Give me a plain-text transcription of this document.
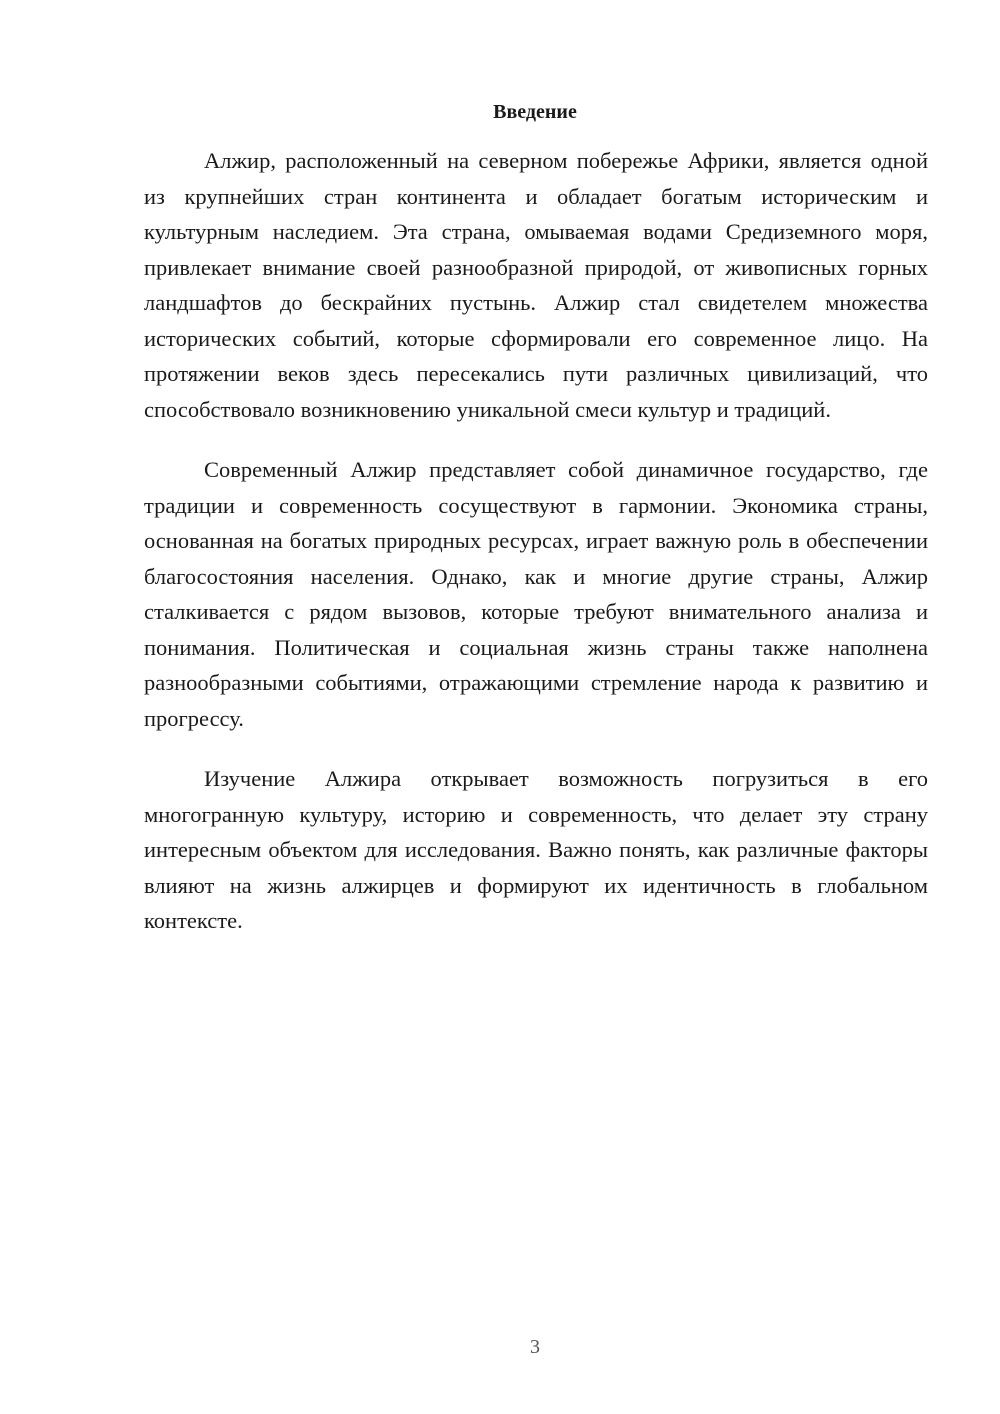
Введение

Алжир, расположенный на северном побережье Африки, является одной из крупнейших стран континента и обладает богатым историческим и культурным наследием. Эта страна, омываемая водами Средиземного моря, привлекает внимание своей разнообразной природой, от живописных горных ландшафтов до бескрайних пустынь. Алжир стал свидетелем множества исторических событий, которые сформировали его современное лицо. На протяжении веков здесь пересекались пути различных цивилизаций, что способствовало возникновению уникальной смеси культур и традиций.

Современный Алжир представляет собой динамичное государство, где традиции и современность сосуществуют в гармонии. Экономика страны, основанная на богатых природных ресурсах, играет важную роль в обеспечении благосостояния населения. Однако, как и многие другие страны, Алжир сталкивается с рядом вызовов, которые требуют внимательного анализа и понимания. Политическая и социальная жизнь страны также наполнена разнообразными событиями, отражающими стремление народа к развитию и прогрессу.

Изучение Алжира открывает возможность погрузиться в его многогранную культуру, историю и современность, что делает эту страну интересным объектом для исследования. Важно понять, как различные факторы влияют на жизнь алжирцев и формируют их идентичность в глобальном контексте.

3
